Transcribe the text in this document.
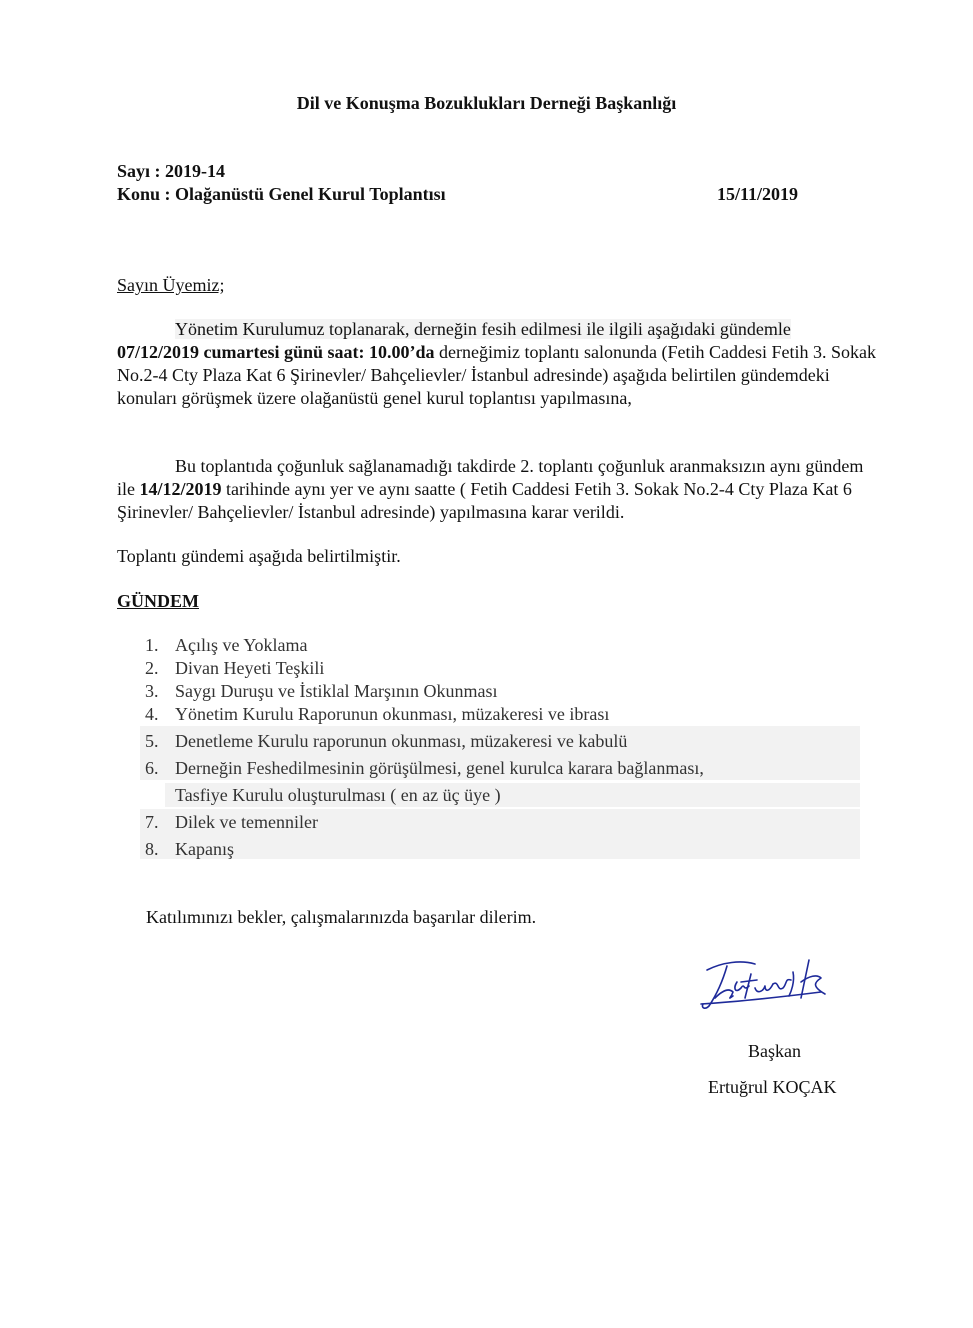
Dil ve Konuşma Bozuklukları Derneği Başkanlığı
Sayı : 2019-14
Konu : Olağanüstü Genel Kurul Toplantısı	15/11/2019
Sayın Üyemiz;
Yönetim Kurulumuz toplanarak, derneğin fesih edilmesi ile ilgili aşağıdaki gündemle 07/12/2019 cumartesi günü saat: 10.00’da derneğimiz toplantı salonunda (Fetih Caddesi Fetih 3. Sokak No.2-4 Cty Plaza Kat 6 Şirinevler/ Bahçelievler/ İstanbul adresinde) aşağıda belirtilen gündemdeki konuları görüşmek üzere olağanüstü genel kurul toplantısı yapılmasına,
Bu toplantıda çoğunluk sağlanamadığı takdirde 2. toplantı çoğunluk aranmaksızın aynı gündem ile 14/12/2019 tarihinde aynı yer ve aynı saatte ( Fetih Caddesi Fetih 3. Sokak No.2-4 Cty Plaza Kat 6 Şirinevler/ Bahçelievler/ İstanbul adresinde) yapılmasına karar verildi.
Toplantı gündemi aşağıda belirtilmiştir.
GÜNDEM
1. Açılış ve Yoklama
2. Divan Heyeti Teşkili
3. Saygı Duruşu ve İstiklal Marşının Okunması
4. Yönetim Kurulu Raporunun okunması, müzakeresi ve ibrası
5. Denetleme Kurulu raporunun okunması, müzakeresi ve kabulü
6. Derneğin Feshedilmesinin görüşülmesi, genel kurulca karara bağlanması,
Tasfiye Kurulu oluşturulması ( en az üç üye )
7. Dilek ve temenniler
8. Kapanış
Katılımınızı bekler, çalışmalarınızda başarılar dilerim.
Başkan
Ertuğrul KOÇAK
